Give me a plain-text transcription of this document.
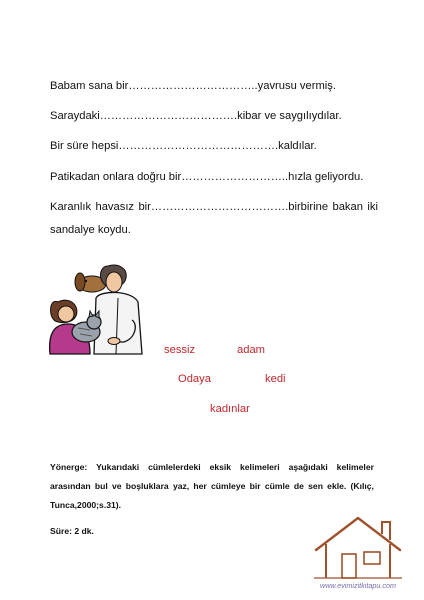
Babam sana bir……………………………..yavrusu vermiş.
Saraydaki……………………………….kibar ve saygılıydılar.
Bir süre hepsi…………………………………….kaldılar.
Patikadan onlara doğru bir………………………..hızla geliyordu.
Karanlık havasız bir……………………………….birbirine bakan iki
sandalye koydu.
sessiz	adam
Odaya	kedi
kadınlar
Yönerge: Yukarıdaki cümlelerdeki eksik kelimeleri aşağıdaki kelimeler
arasından bul ve boşluklara yaz, her cümleye bir cümle de sen ekle. (Kılıç,
Tunca,2000;s.31).
Süre: 2 dk.
www.evimizitkitapu.com
